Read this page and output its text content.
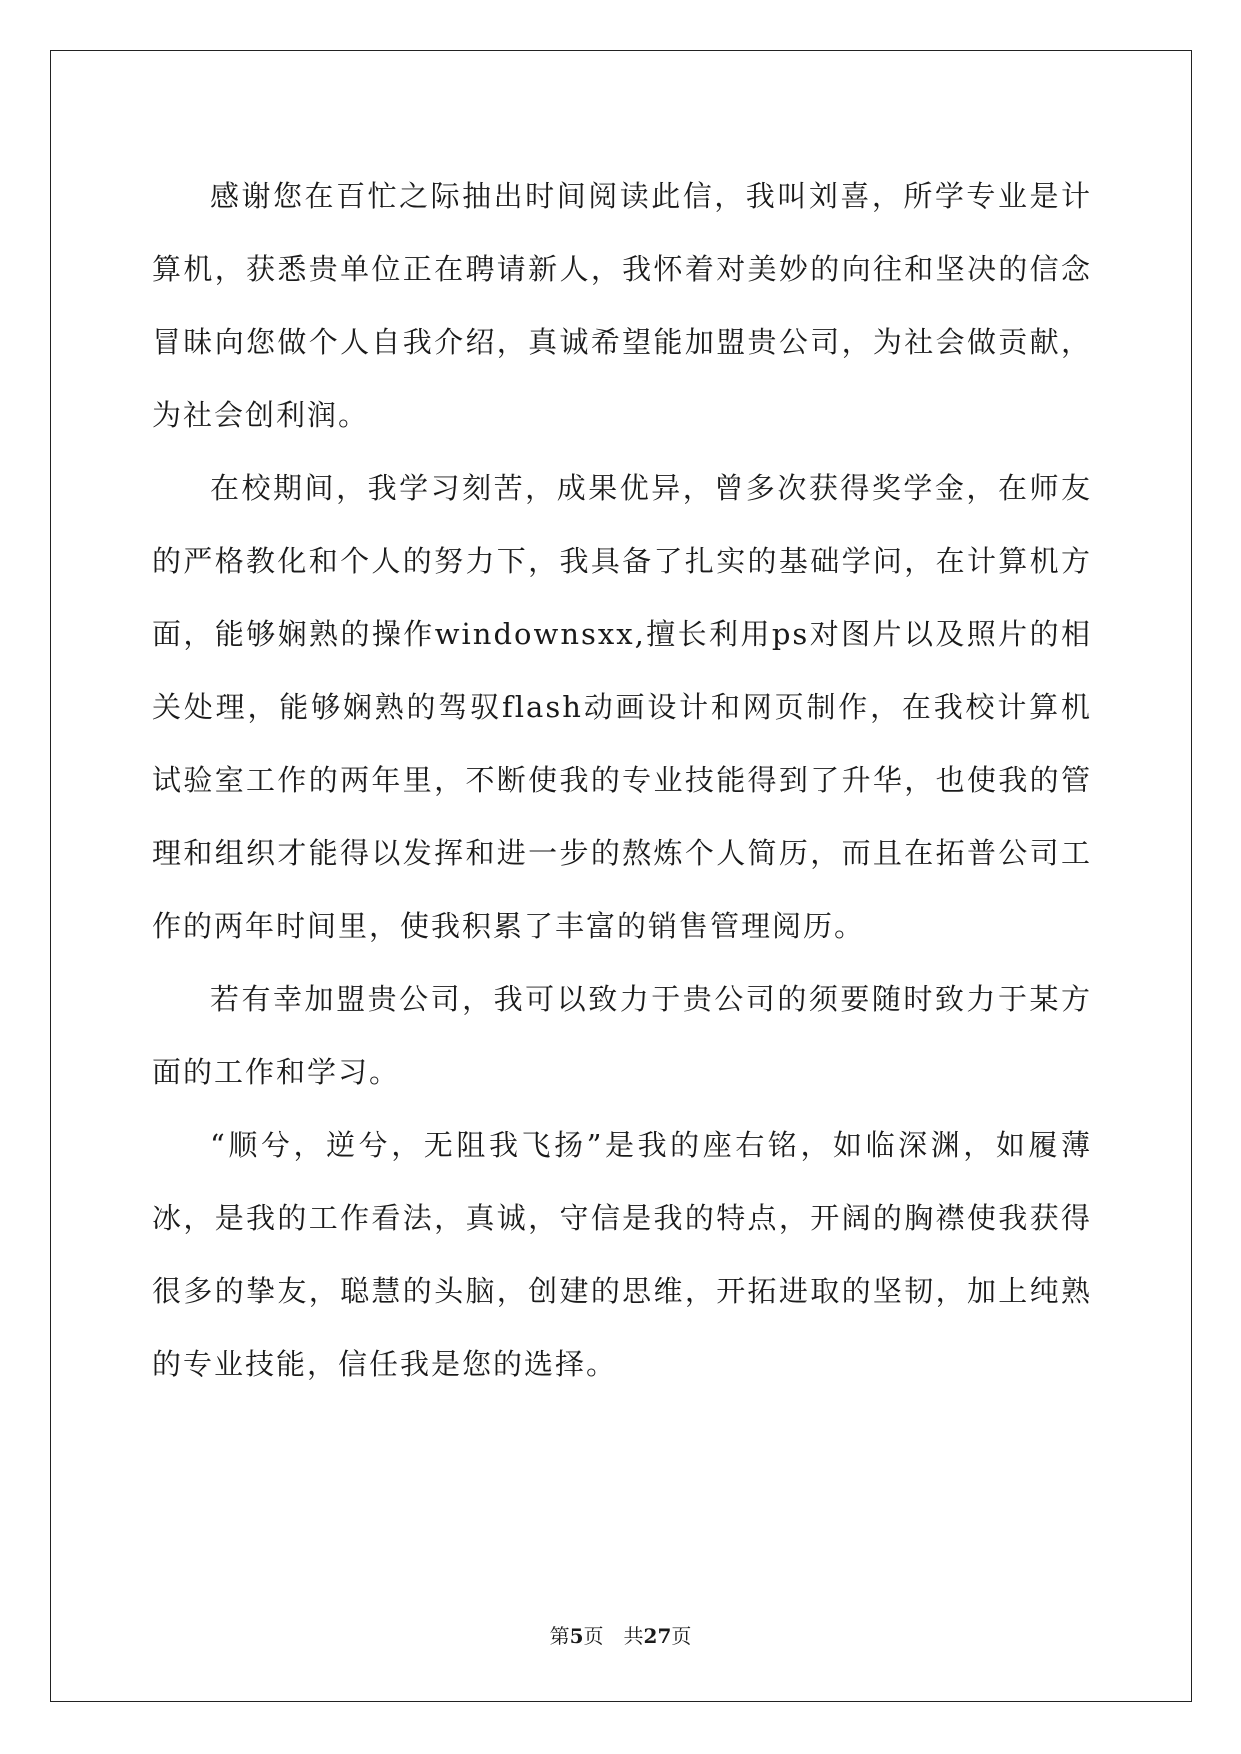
感谢您在百忙之际抽出时间阅读此信，我叫刘喜，所学专业是计算机，获悉贵单位正在聘请新人，我怀着对美妙的向往和坚决的信念冒昧向您做个人自我介绍，真诚希望能加盟贵公司，为社会做贡献，为社会创利润。

在校期间，我学习刻苦，成果优异，曾多次获得奖学金，在师友的严格教化和个人的努力下，我具备了扎实的基础学问，在计算机方面，能够娴熟的操作windownsxx,擅长利用ps对图片以及照片的相关处理，能够娴熟的驾驭flash动画设计和网页制作，在我校计算机试验室工作的两年里，不断使我的专业技能得到了升华，也使我的管理和组织才能得以发挥和进一步的熬炼个人简历，而且在拓普公司工作的两年时间里，使我积累了丰富的销售管理阅历。

若有幸加盟贵公司，我可以致力于贵公司的须要随时致力于某方面的工作和学习。

“顺兮，逆兮，无阻我飞扬”是我的座右铭，如临深渊，如履薄冰，是我的工作看法，真诚，守信是我的特点，开阔的胸襟使我获得很多的挚友，聪慧的头脑，创建的思维，开拓进取的坚韧，加上纯熟的专业技能，信任我是您的选择。

第5页　 共27页
